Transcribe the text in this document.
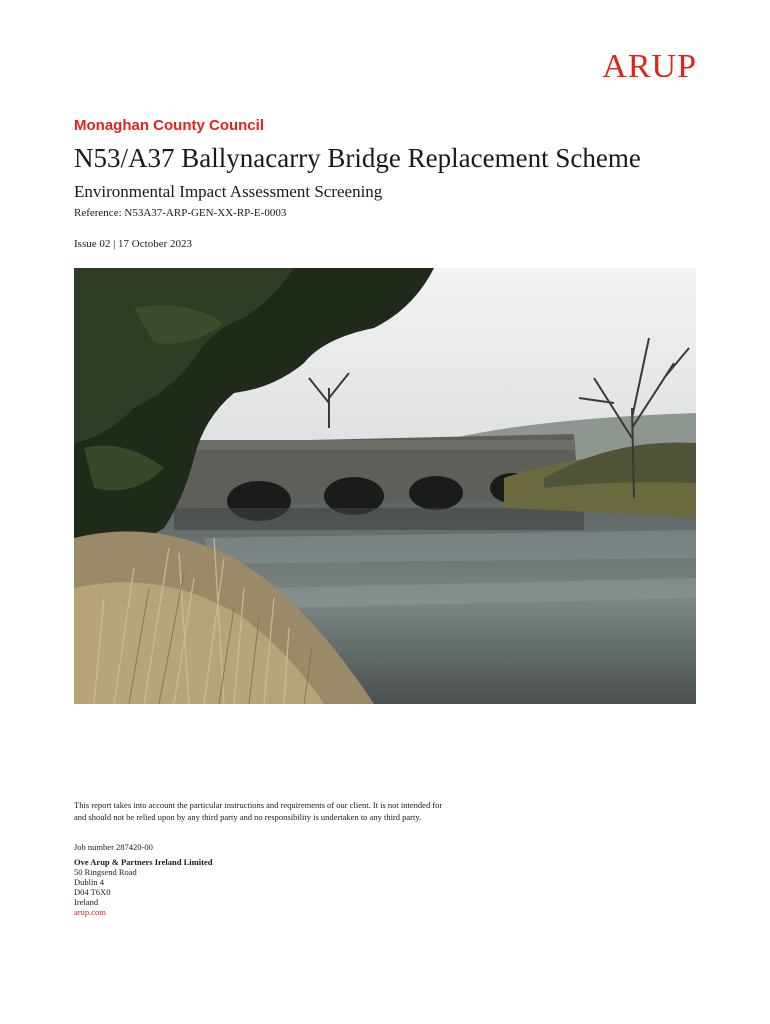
ARUP
Monaghan County Council
N53/A37 Ballynacarry Bridge Replacement Scheme
Environmental Impact Assessment Screening
Reference: N53A37-ARP-GEN-XX-RP-E-0003
Issue 02 | 17 October 2023
This report takes into account the particular instructions and requirements of our client. It is not intended for and should not be relied upon by any third party and no responsibility is undertaken to any third party.
Job number 287420-00
Ove Arup & Partners Ireland Limited
50 Ringsend Road
Dublin 4
D04 T6X0
Ireland
arup.com
